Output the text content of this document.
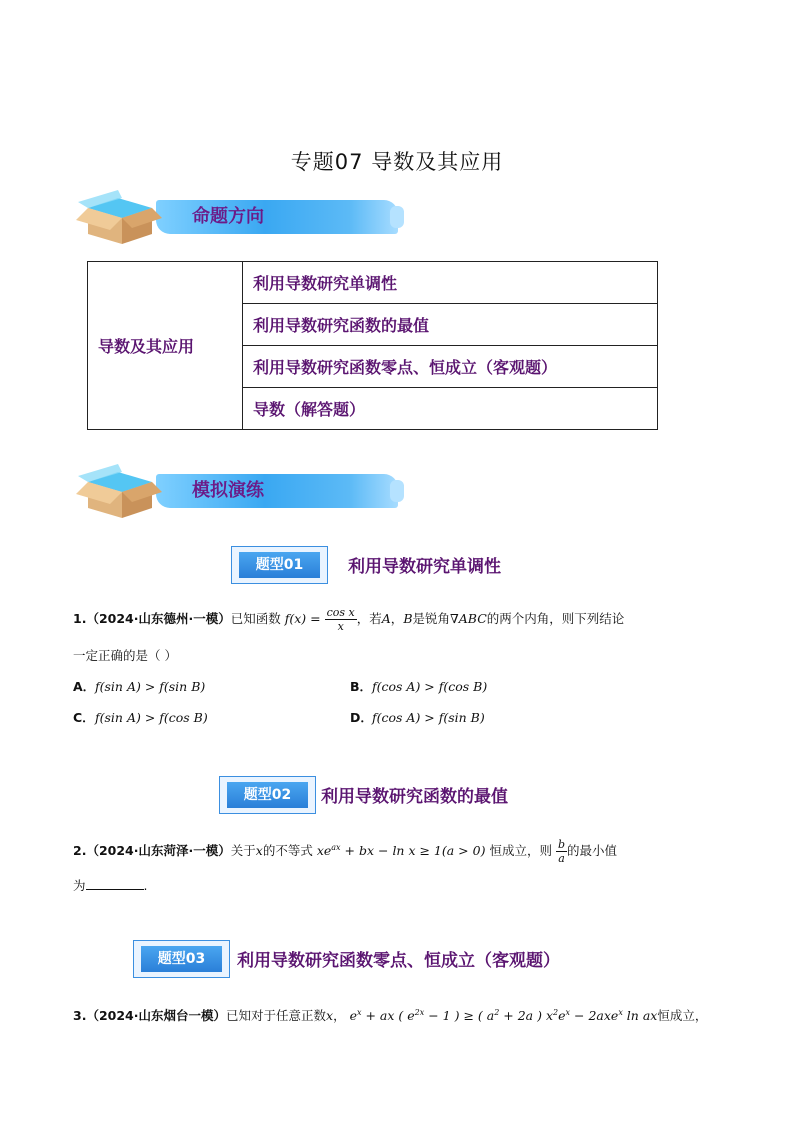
专题07 导数及其应用
命题方向
导数及其应用	利用导数研究单调性
利用导数研究函数的最值
利用导数研究函数零点、恒成立（客观题）
导数（解答题）
模拟演练
题型01	利用导数研究单调性
1.（2024·山东德州·一模）已知函数 $f(x) = \frac{\text{cos x}}{x}$ ，若A，B是锐角∇ABC的两个内角，则下列结论
一定正确的是（ ）
A．f(sin A) > f(sin B)	B．f(cos A) > f(cos B)
C．f(sin A) > f(cos B)	D．f(cos A) > f(sin B)
题型02	利用导数研究函数的最值
2.（2024·山东菏泽·一模）关于x的不等式 $xe^{ax}$ + bx − ln x ≥ 1(a > 0) 恒成立，则 $\frac{b}{a}$ 的最小值
为	.
题型03	利用导数研究函数零点、恒成立（客观题）
3.（2024·山东烟台一模）已知对于任意正数x， $e^x$ + ax ( $e^{2x} - 1$ ) ≥ ( $a^2 + 2a$ ) $x^2e^x - 2axe^x$ ln ax恒成立，
